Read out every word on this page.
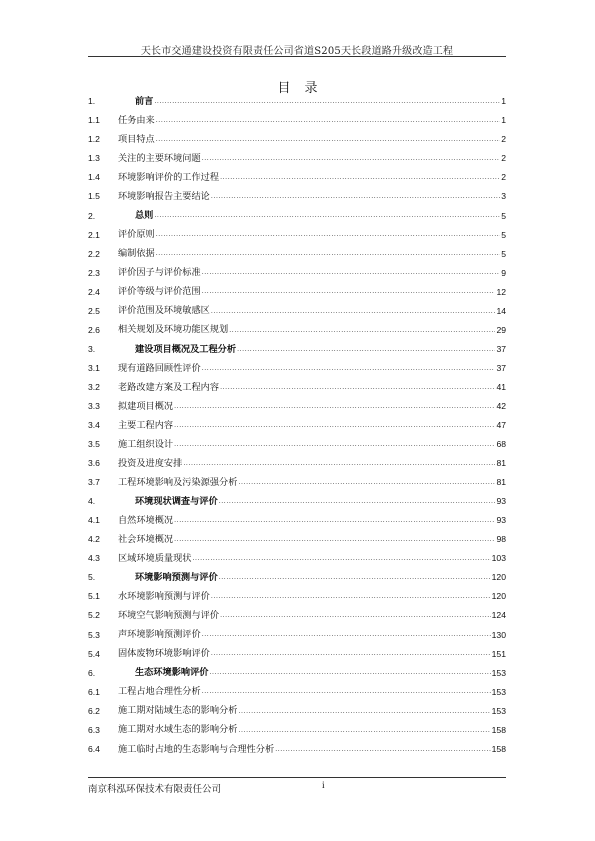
天长市交通建设投资有限责任公司省道S205天长段道路升级改造工程
目录
1.	前言 .....	1
1.1	任务由来 .....	1
1.2	项目特点 .....	2
1.3	关注的主要环境问题 .....	2
1.4	环境影响评价的工作过程 .....	2
1.5	环境影响报告主要结论 .....	3
2.	总则 .....	5
2.1	评价原则 .....	5
2.2	编制依据 .....	5
2.3	评价因子与评价标准 .....	9
2.4	评价等级与评价范围 .....	12
2.5	评价范围及环境敏感区 .....	14
2.6	相关规划及环境功能区规划 .....	29
3.	建设项目概况及工程分析 .....	37
3.1	现有道路回顾性评价 .....	37
3.2	老路改建方案及工程内容 .....	41
3.3	拟建项目概况 .....	42
3.4	主要工程内容 .....	47
3.5	施工组织设计 .....	68
3.6	投资及进度安排 .....	81
3.7	工程环境影响及污染源强分析 .....	81
4.	环境现状调查与评价 .....	93
4.1	自然环境概况 .....	93
4.2	社会环境概况 .....	98
4.3	区域环境质量现状 .....	103
5.	环境影响预测与评价 .....	120
5.1	水环境影响预测与评价 .....	120
5.2	环境空气影响预测与评价 .....	124
5.3	声环境影响预测评价 .....	130
5.4	固体废物环境影响评价 .....	151
6.	生态环境影响评价 .....	153
6.1	工程占地合理性分析 .....	153
6.2	施工期对陆域生态的影响分析 .....	153
6.3	施工期对水域生态的影响分析 .....	158
6.4	施工临时占地的生态影响与合理性分析 .....	158
南京科泓环保技术有限责任公司	i
